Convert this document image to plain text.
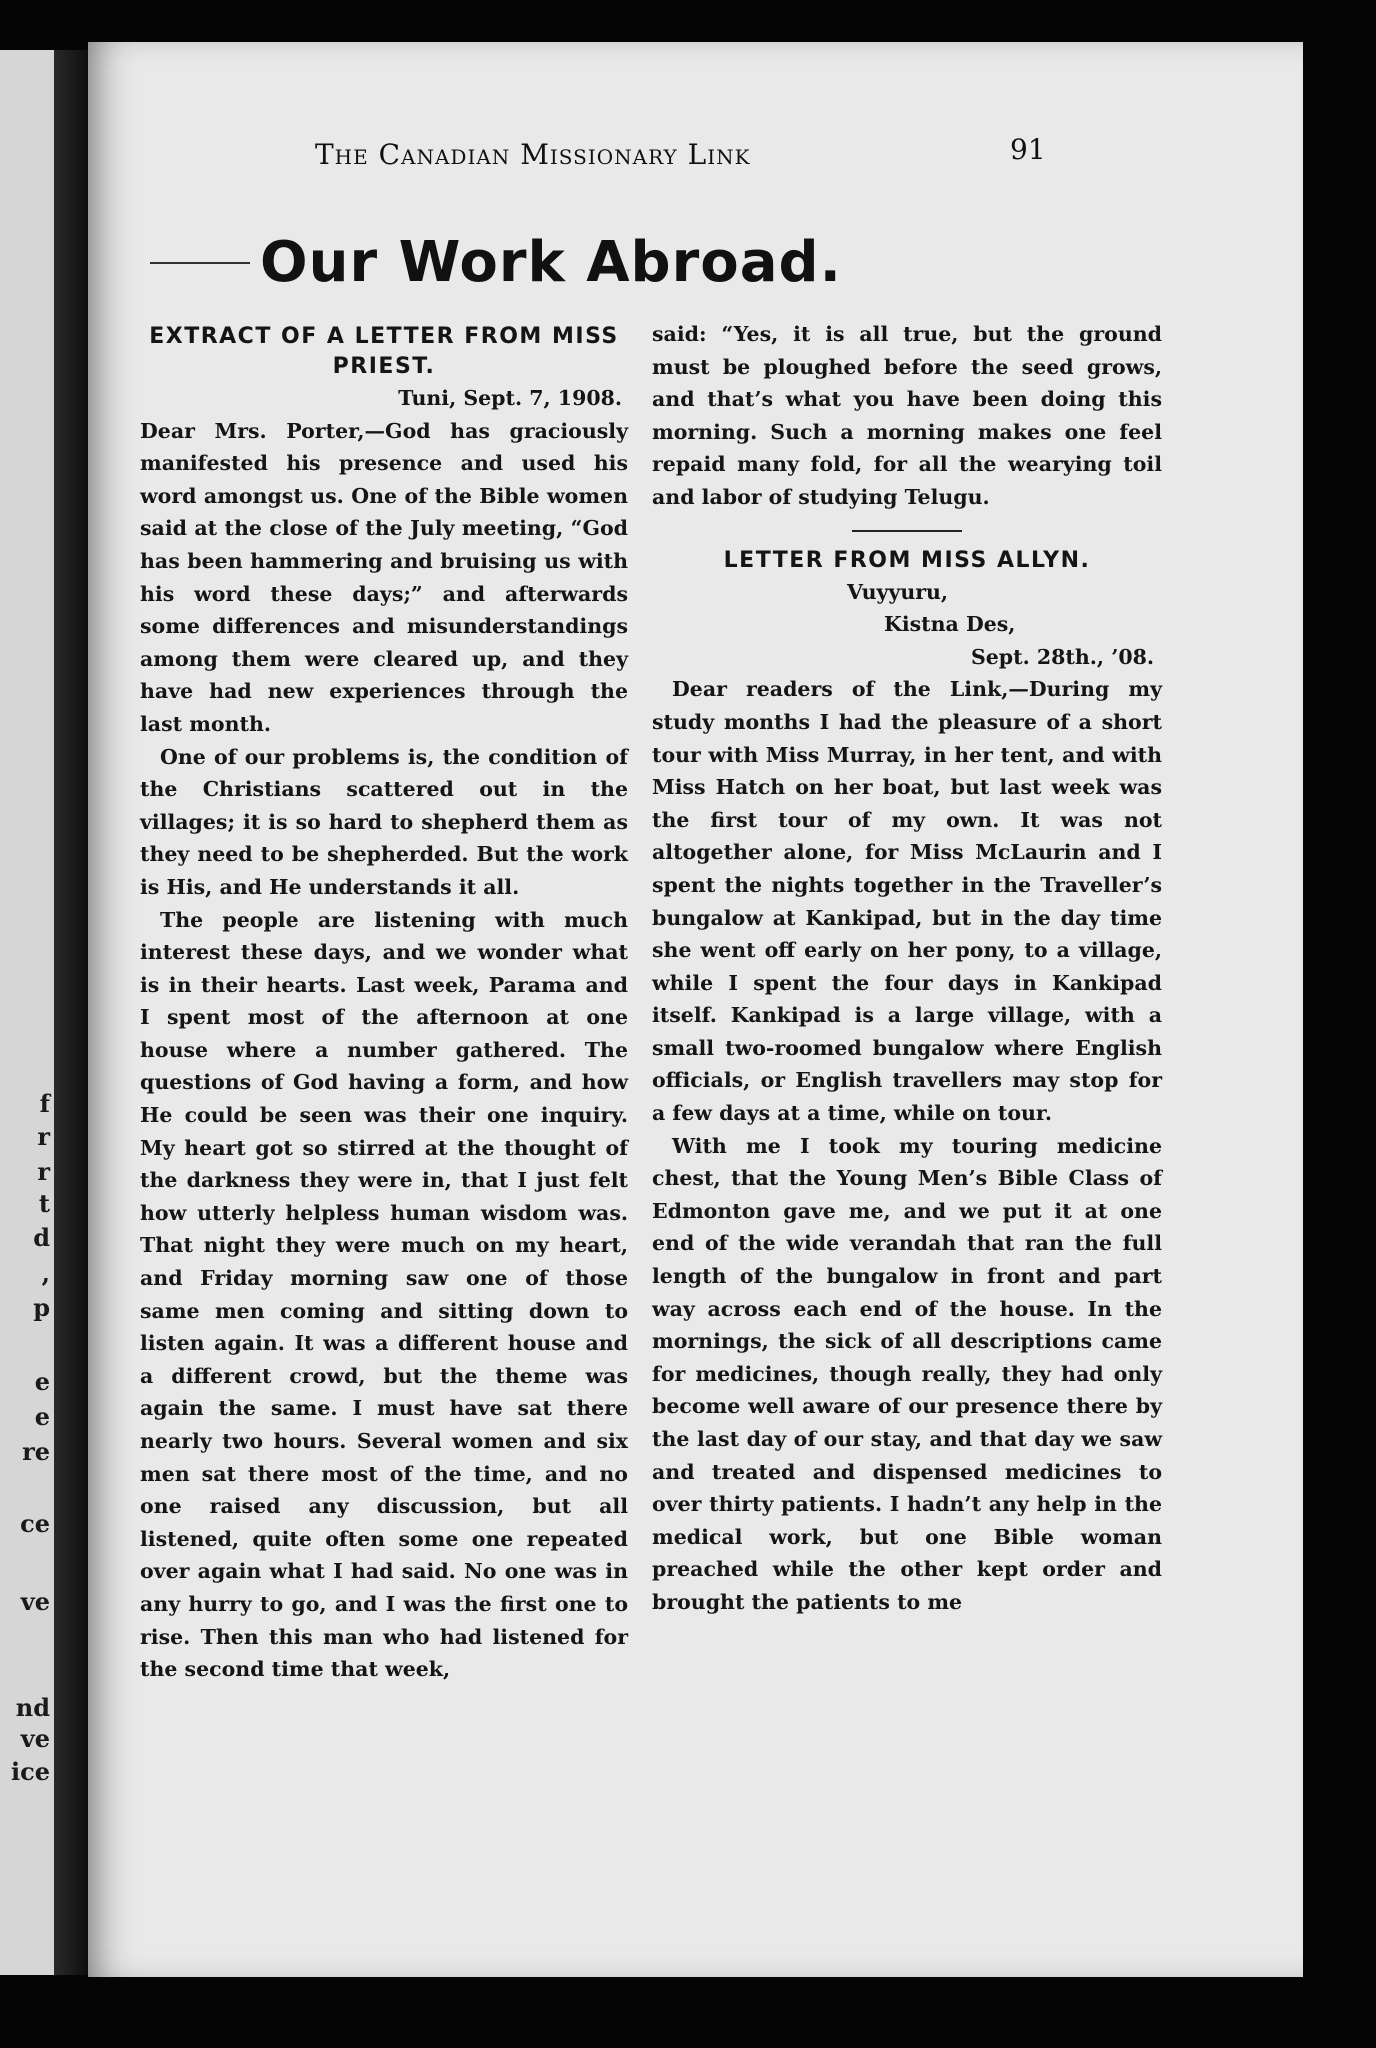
f
r
r
t
d
,
p
e
e
re
ce
ve
nd
ve
ice
The Canadian Missionary Link	91
Our Work Abroad.
EXTRACT OF A LETTER FROM MISS PRIEST.
Tuni, Sept. 7, 1908.

Dear Mrs. Porter,—God has graciously manifested his presence and used his word amongst us. One of the Bible women said at the close of the July meeting, “God has been hammering and bruising us with his word these days;” and afterwards some differences and misunderstandings among them were cleared up, and they have had new experiences through the last month.

One of our problems is, the condition of the Christians scattered out in the villages; it is so hard to shepherd them as they need to be shepherded. But the work is His, and He understands it all.

The people are listening with much interest these days, and we wonder what is in their hearts. Last week, Parama and I spent most of the afternoon at one house where a number gathered. The questions of God having a form, and how He could be seen was their one inquiry. My heart got so stirred at the thought of the darkness they were in, that I just felt how utterly helpless human wisdom was. That night they were much on my heart, and Friday morning saw one of those same men coming and sitting down to listen again. It was a different house and a different crowd, but the theme was again the same. I must have sat there nearly two hours. Several women and six men sat there most of the time, and no one raised any discussion, but all listened, quite often some one repeated over again what I had said. No one was in any hurry to go, and I was the first one to rise. Then this man who had listened for the second time that week,

said: “Yes, it is all true, but the ground must be ploughed before the seed grows, and that’s what you have been doing this morning. Such a morning makes one feel repaid many fold, for all the wearying toil and labor of studying Telugu.

LETTER FROM MISS ALLYN.

Vuyyuru,

Kistna Des,

Sept. 28th., ’08.

Dear readers of the Link,—During my study months I had the pleasure of a short tour with Miss Murray, in her tent, and with Miss Hatch on her boat, but last week was the first tour of my own. It was not altogether alone, for Miss McLaurin and I spent the nights together in the Traveller’s bungalow at Kankipad, but in the day time she went off early on her pony, to a village, while I spent the four days in Kankipad itself. Kankipad is a large village, with a small two-roomed bungalow where English officials, or English travellers may stop for a few days at a time, while on tour.

With me I took my touring medicine chest, that the Young Men’s Bible Class of Edmonton gave me, and we put it at one end of the wide verandah that ran the full length of the bungalow in front and part way across each end of the house. In the mornings, the sick of all descriptions came for medicines, though really, they had only become well aware of our presence there by the last day of our stay, and that day we saw and treated and dispensed medicines to over thirty patients. I hadn’t any help in the medical work, but one Bible woman preached while the other kept order and brought the patients to me
